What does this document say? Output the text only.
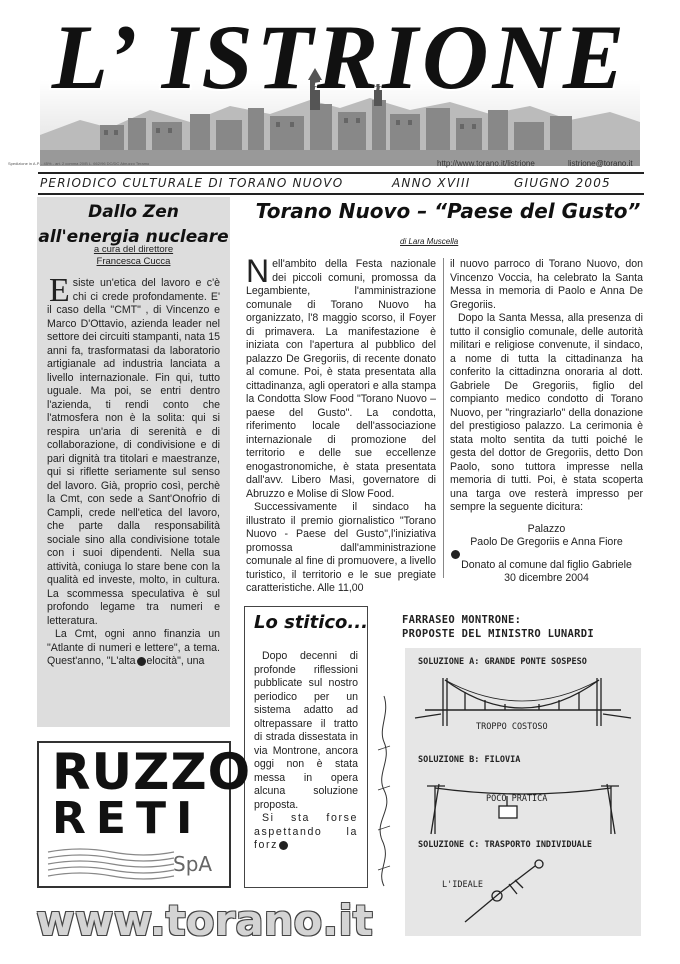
L’ ISTRIONE
Spedizione in A.P. - 45% - art. 2 comma 20/B L. 662/96 DC/DC Abruzzo Teramo	http://www.torano.it/listrione	listrione@torano.it
PERIODICO CULTURALE DI TORANO NUOVO	ANNO XVIII	GIUGNO 2005
Dallo Zen
all'energia nucleare
a cura del direttore
Francesca Cucca

Esiste un'etica del lavoro e c'è chi ci crede profondamente. E' il caso della "CMT" , di Vincenzo e Marco D'Ottavio, azienda leader nel settore dei circuiti stampanti, nata 15 anni fa, trasformatasi da laboratorio artigianale ad industria lanciata a livello internazionale. Fin qui, tutto uguale. Ma poi, se entri dentro l'azienda, ti rendi conto che l'atmosfera non è la solita: qui si respira un'aria di serenità e di collaborazione, di condivisione e di pari dignità tra titolari e maestranze, qui si riflette seriamente sul senso del lavoro. Già, proprio così, perchè la Cmt, con sede a Sant'Onofrio di Campli, crede nell'etica del lavoro, che parte dalla responsabilità sociale sino alla condivisione totale con i suoi dipendenti. Nella sua attività, coniuga lo stare bene con la qualità ed investe, molto, in cultura. La scommessa speculativa è sul profondo legame tra numeri e letteratura.

La Cmt, ogni anno finanzia un "Atlante di numeri e lettere", a tema. Quest'anno, "L'alta elocità", una

Torano Nuovo – “Paese del Gusto”
di Lara Muscella

Nell'ambito della Festa nazionale dei piccoli comuni, promossa da Legambiente, l'amministrazione comunale di Torano Nuovo ha organizzato, l'8 maggio scorso, il Foyer di primavera. La manifestazione è iniziata con l'apertura al pubblico del palazzo De Gregoriis, di recente donato al comune. Poi, è stata presentata alla cittadinanza, agli operatori e alla stampa la Condotta Slow Food "Torano Nuovo – paese del Gusto". La condotta, riferimento locale dell'associazione internazionale di promozione del territorio e delle sue eccellenze enogastronomiche, è stata presentata dall'avv. Libero Masi, governatore di Abruzzo e Molise di Slow Food.

Successivamente il sindaco ha illustrato il premio giornalistico "Torano Nuovo - Paese del Gusto",l'iniziativa promossa dall'amministrazione comunale al fine di promuovere, a livello turistico, il territorio e le sue pregiate caratteristiche. Alle 11,00

il nuovo parroco di Torano Nuovo, don Vincenzo Voccia, ha celebrato la Santa Messa in memoria di Paolo e Anna De Gregoriis.

Dopo la Santa Messa, alla presenza di tutto il consiglio comunale, delle autorità militari e religiose convenute, il sindaco, a nome di tutta la cittadinanza ha conferito la cittadinzna onoraria al dott. Gabriele De Gregoriis, figlio del compianto medico condotto di Torano Nuovo, per "ringraziarlo" della donazione del prestigioso palazzo. La cerimonia è stata molto sentita da tutti poiché le gesta del dottor de Gregoriis, detto Don Paolo, sono tuttora impresse nella memoria di tutti. Poi, è stata scoperta una targa ove resterà impresso per sempre la seguente dicitura:

Palazzo
Paolo De Gregoriis e Anna Fiore
Donato al comune dal figlio Gabriele
30 dicembre 2004

Lo stitico...

Dopo decenni di profonde riflessioni pubblicate sul nostro periodico per un sistema adatto ad oltrepassare il tratto di strada dissestata in via Montrone, ancora oggi non è stata messa in opera alcuna soluzione proposta.

Si sta forse aspettando la forz

FARRASEO MONTRONE:
PROPOSTE DEL MINISTRO LUNARDI
SOLUZIONE A: GRANDE PONTE SOSPESO
TROPPO COSTOSO
SOLUZIONE B: FILOVIA
POCO PRATICA
SOLUZIONE C: TRASPORTO INDIVIDUALE
L'IDEALE
RUZZO
RETI
SpA
www.torano.it
